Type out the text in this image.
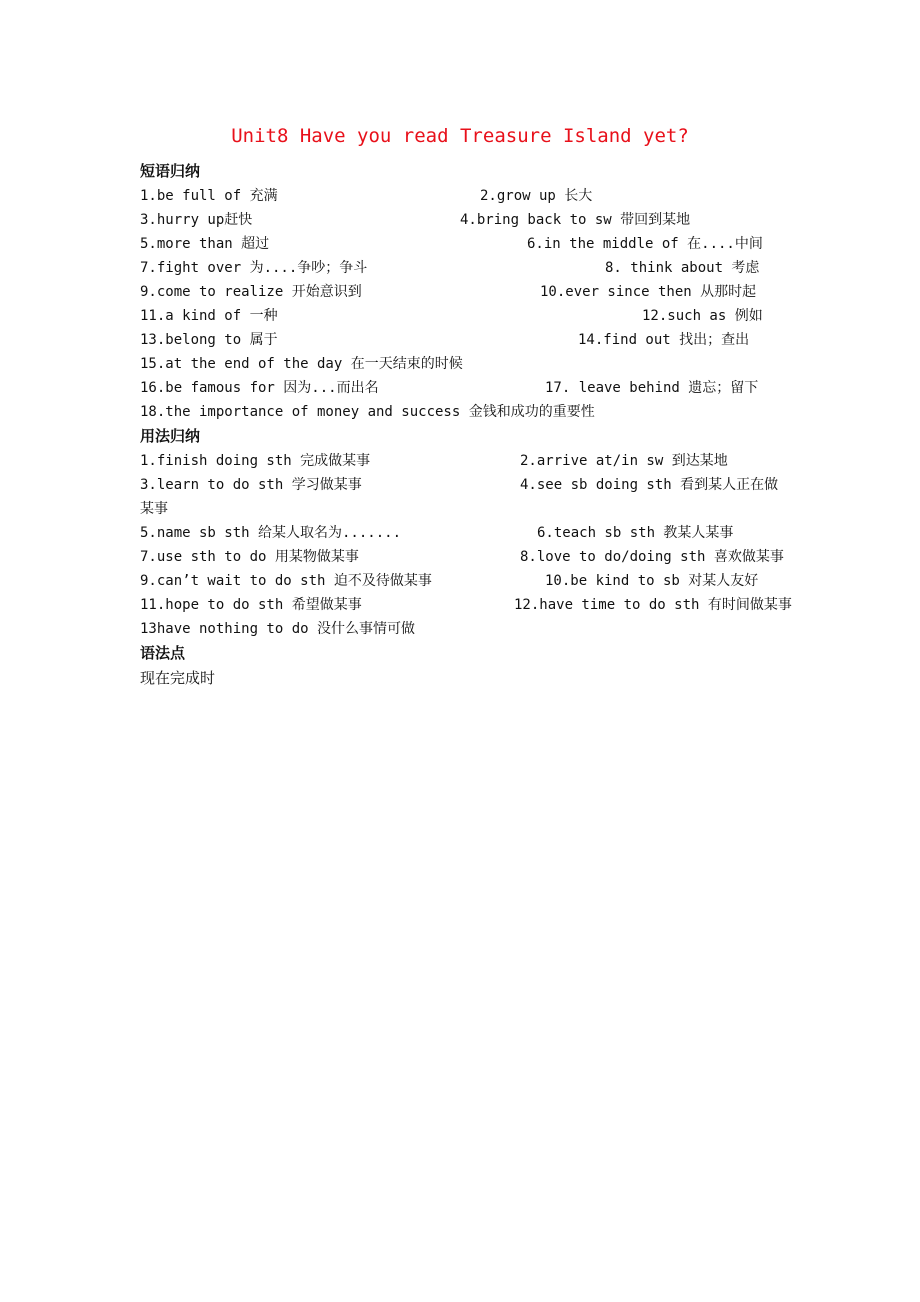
Unit8 Have you read Treasure Island yet?
短语归纳
1.be full of 充满	2.grow up 长大
3.hurry up赶快	4.bring back to sw 带回到某地
5.more than 超过	6.in the middle of 在....中间
7.fight over 为....争吵；争斗	8. think about 考虑
9.come to realize 开始意识到	10.ever since then 从那时起
11.a kind of 一种	12.such as 例如
13.belong to 属于	14.find out 找出；查出
15.at the end of the day 在一天结束的时候
16.be famous for 因为...而出名	17. leave behind 遗忘；留下
18.the importance of money and success 金钱和成功的重要性
用法归纳
1.finish doing sth 完成做某事	2.arrive at/in sw 到达某地
3.learn to do sth 学习做某事	4.see sb doing sth 看到某人正在做
某事
5.name sb sth 给某人取名为.......	6.teach sb sth 教某人某事
7.use sth to do 用某物做某事	8.love to do/doing sth 喜欢做某事
9.can’t wait to do sth 迫不及待做某事	10.be kind to sb 对某人友好
11.hope to do sth 希望做某事	12.have time to do sth 有时间做某事
13have nothing to do 没什么事情可做
语法点
现在完成时
